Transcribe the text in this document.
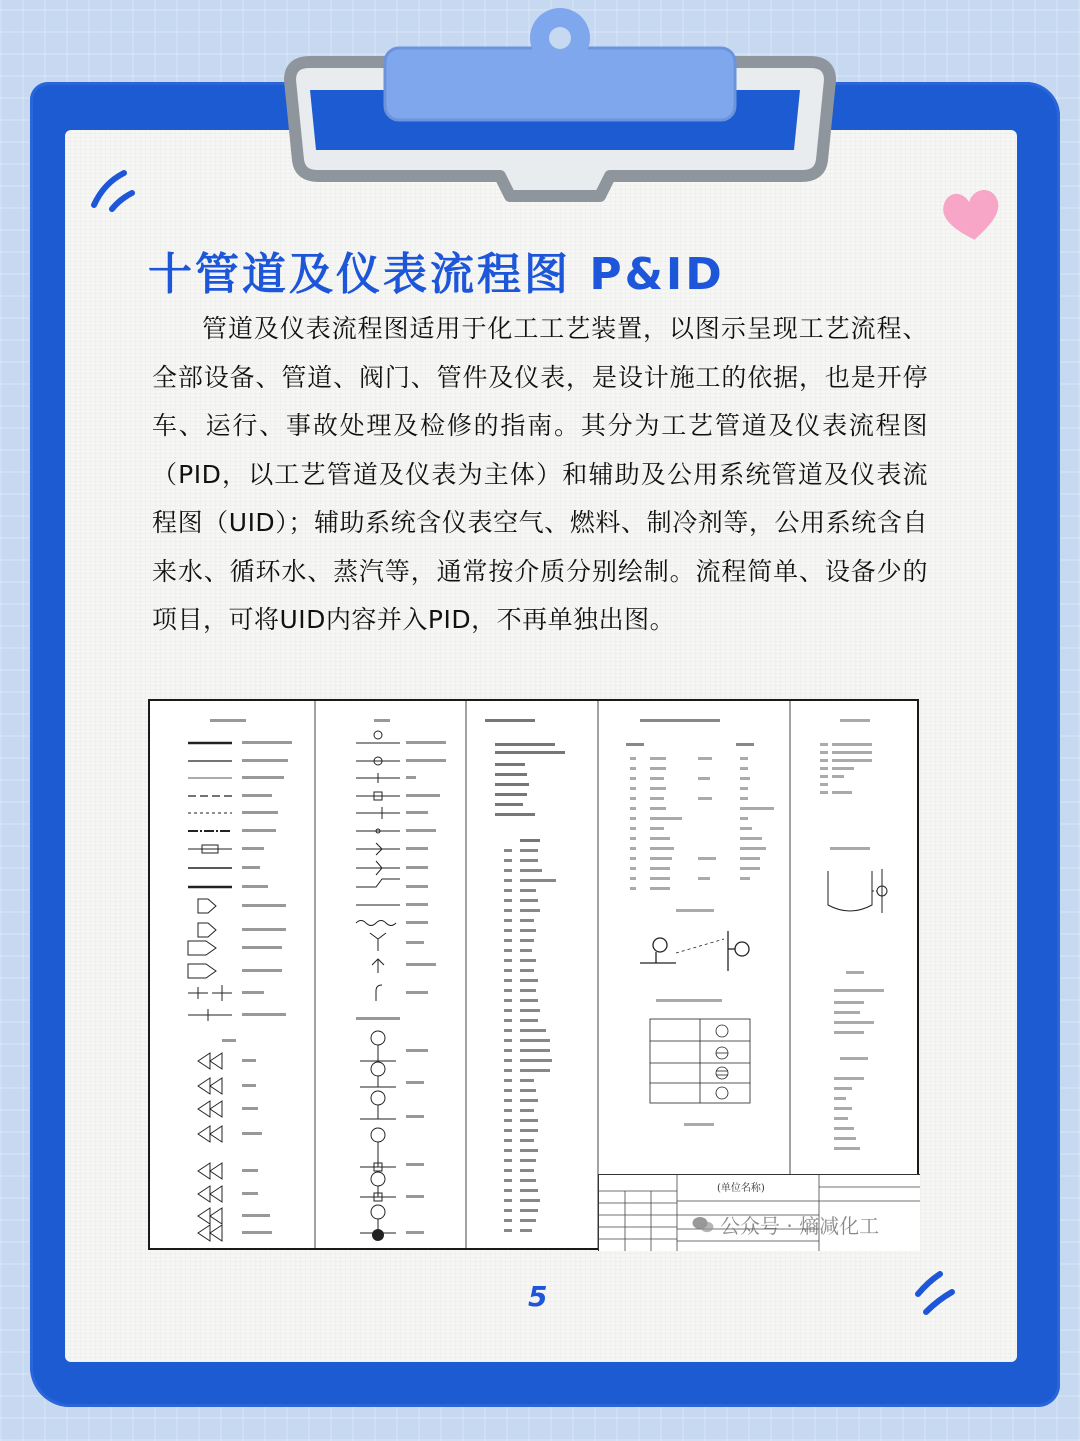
十管道及仪表流程图 P&ID

管道及仪表流程图适用于化工工艺装置，以图示呈现工艺流程、全部设备、管道、阀门、管件及仪表，是设计施工的依据，也是开停车、运行、事故处理及检修的指南。其分为工艺管道及仪表流程图（PID，以工艺管道及仪表为主体）和辅助及公用系统管道及仪表流程图（UID）；辅助系统含仪表空气、燃料、制冷剂等，公用系统含自来水、循环水、蒸汽等，通常按介质分别绘制。流程简单、设备少的项目，可将UID内容并入PID，不再单独出图。

(单位名称)
公众号 · 熵减化工
5
